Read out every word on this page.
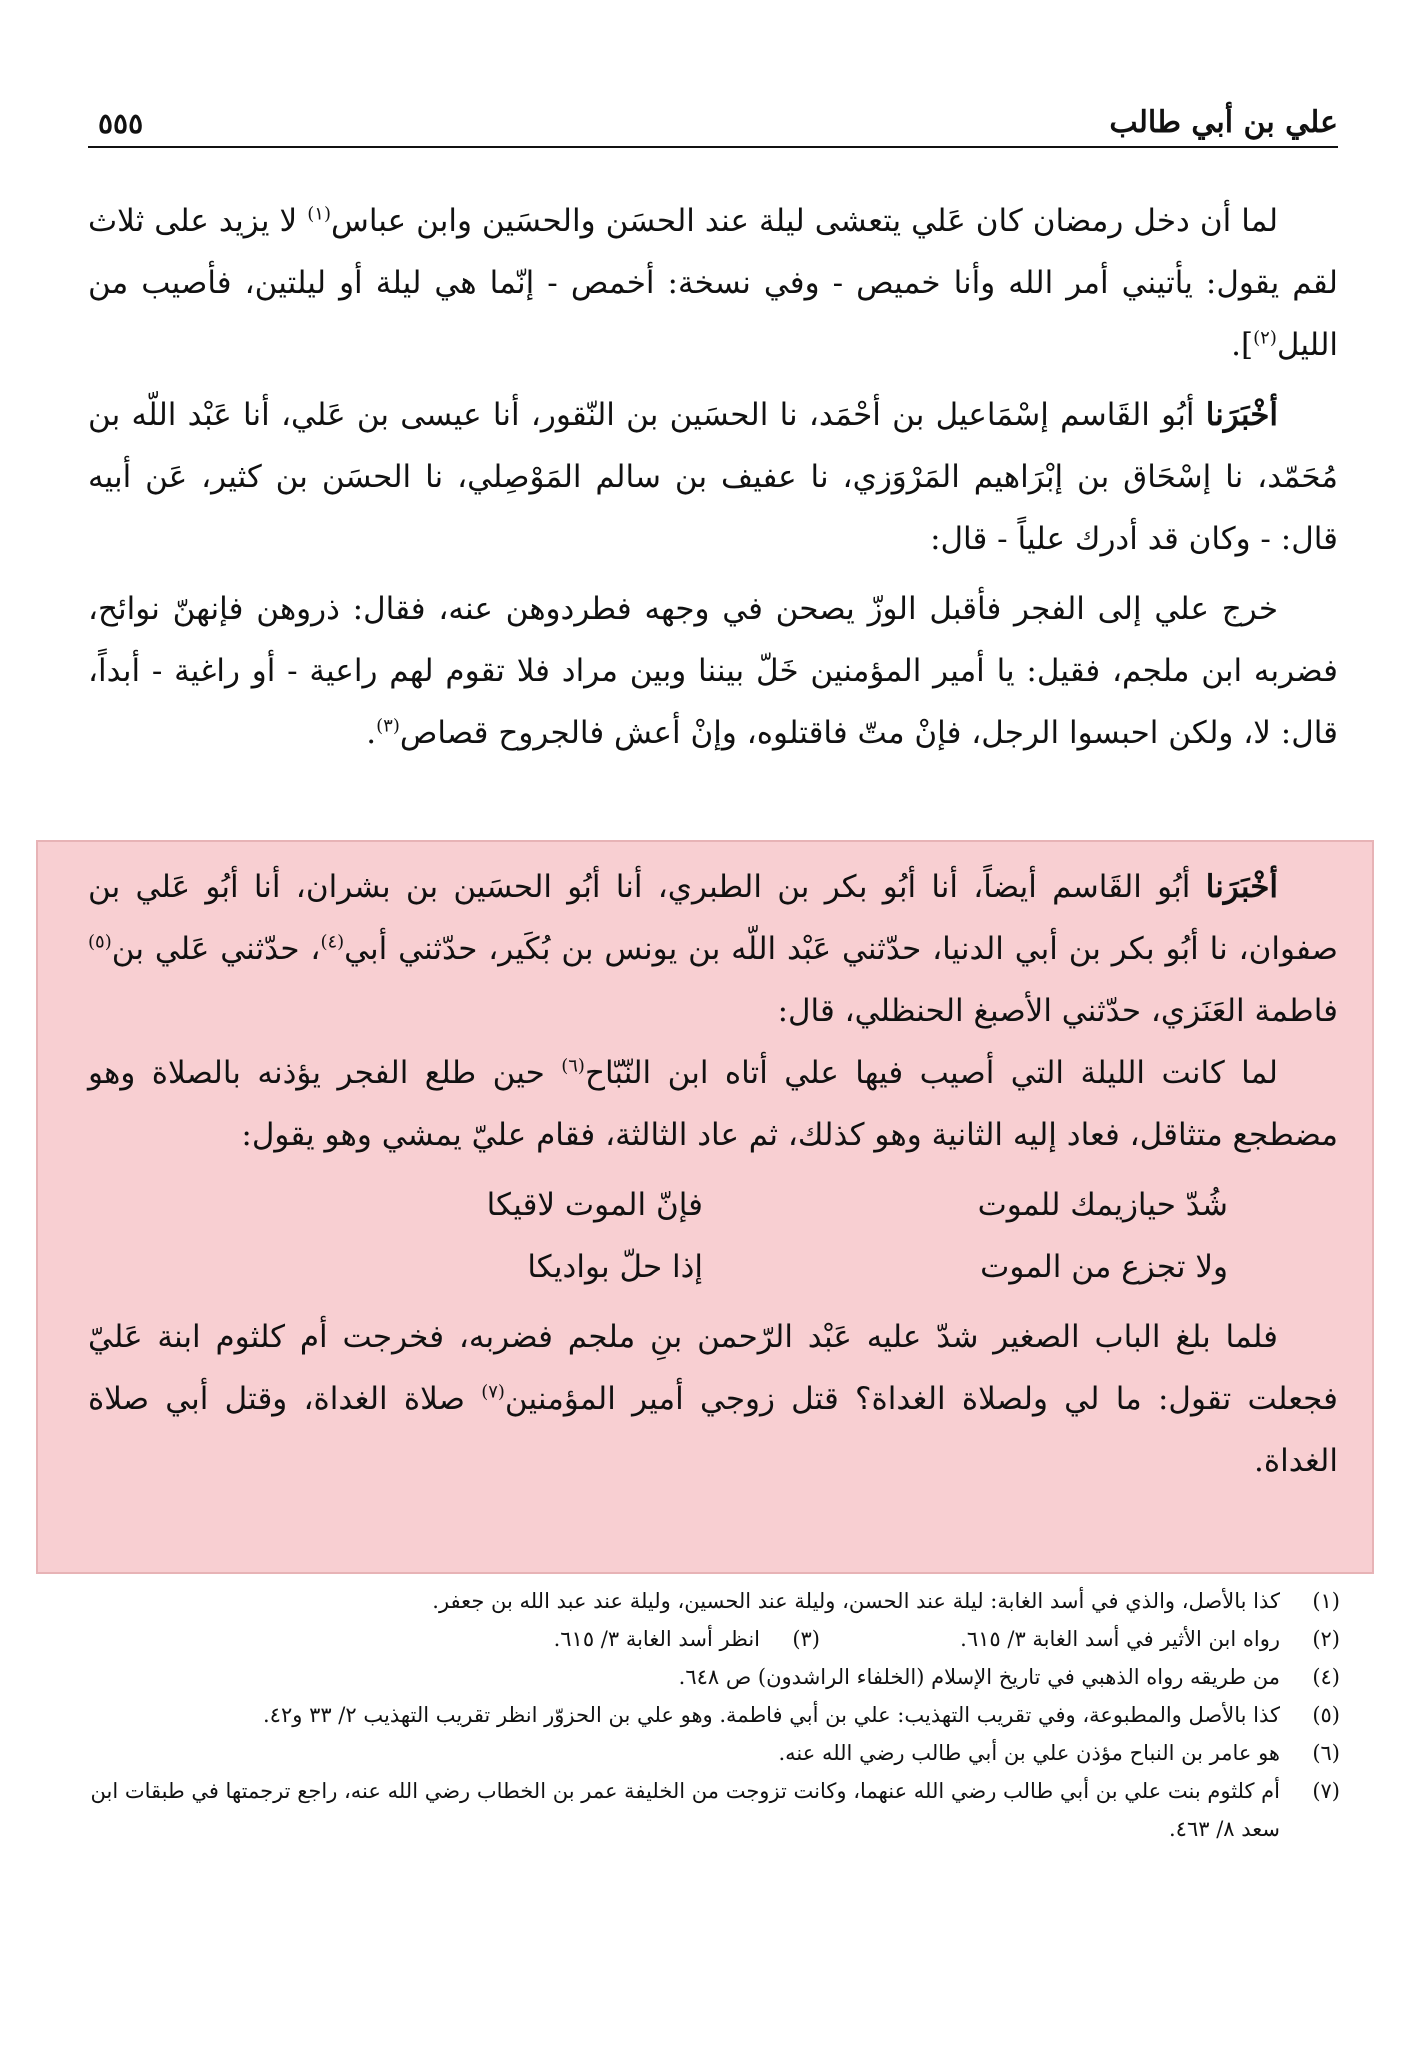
٥٥٥	علي بن أبي طالب

لما أن دخل رمضان كان عَلي يتعشى ليلة عند الحسَن والحسَين وابن عباس$^{(١)}$ لا يزيد على ثلاث لقم يقول: يأتيني أمر الله وأنا خميص - وفي نسخة: أخمص - إنّما هي ليلة أو ليلتين، فأصيب من الليل$^{(٢)}$].

أخْبَرَنا أبُو القَاسم إسْمَاعيل بن أحْمَد، نا الحسَين بن النّقور، أنا عيسى بن عَلي، أنا عَبْد اللّه بن مُحَمّد، نا إسْحَاق بن إبْرَاهيم المَرْوَزي، نا عفيف بن سالم المَوْصِلي، نا الحسَن بن كثير، عَن أبيه قال: - وكان قد أدرك علياً - قال:

خرج علي إلى الفجر فأقبل الوزّ يصحن في وجهه فطردوهن عنه، فقال: ذروهن فإنهنّ نوائح، فضربه ابن ملجم، فقيل: يا أمير المؤمنين خَلّ بيننا وبين مراد فلا تقوم لهم راعية - أو راغية - أبداً، قال: لا، ولكن احبسوا الرجل، فإنْ متّ فاقتلوه، وإنْ أعش فالجروح قصاص$^{(٣)}$.

أخْبَرَنا أبُو القَاسم أيضاً، أنا أبُو بكر بن الطبري، أنا أبُو الحسَين بن بشران، أنا أبُو عَلي بن صفوان، نا أبُو بكر بن أبي الدنيا، حدّثني عَبْد اللّه بن يونس بن بُكَير، حدّثني أبي$^{(٤)}$، حدّثني عَلي بن$^{(٥)}$ فاطمة العَنَزي، حدّثني الأصبغ الحنظلي، قال:

لما كانت الليلة التي أصيب فيها علي أتاه ابن النّبّاح$^{(٦)}$ حين طلع الفجر يؤذنه بالصلاة وهو مضطجع متثاقل، فعاد إليه الثانية وهو كذلك، ثم عاد الثالثة، فقام عليّ يمشي وهو يقول:

شُدّ حيازيمك للموت
فإنّ الموت لاقيكا
ولا تجزع من الموت
إذا حلّ بواديكا

فلما بلغ الباب الصغير شدّ عليه عَبْد الرّحمن بنِ ملجم فضربه، فخرجت أم كلثوم ابنة عَليّ فجعلت تقول: ما لي ولصلاة الغداة؟ قتل زوجي أمير المؤمنين$^{(٧)}$ صلاة الغداة، وقتل أبي صلاة الغداة.

(١)
كذا بالأصل، والذي في أسد الغابة: ليلة عند الحسن، وليلة عند الحسين، وليلة عند عبد الله بن جعفر.
(٢)
رواه ابن الأثير في أسد الغابة ٣/ ٦١٥.
(٣)
انظر أسد الغابة ٣/ ٦١٥.
(٤)
من طريقه رواه الذهبي في تاريخ الإسلام (الخلفاء الراشدون) ص ٦٤٨.
(٥)
كذا بالأصل والمطبوعة، وفي تقريب التهذيب: علي بن أبي فاطمة. وهو علي بن الحزوّر انظر تقريب التهذيب ٢/ ٣٣ و٤٢.
(٦)
هو عامر بن النباح مؤذن علي بن أبي طالب رضي الله عنه.
(٧)
أم كلثوم بنت علي بن أبي طالب رضي الله عنهما، وكانت تزوجت من الخليفة عمر بن الخطاب رضي الله عنه، راجع ترجمتها في طبقات ابن سعد ٨/ ٤٦٣.
